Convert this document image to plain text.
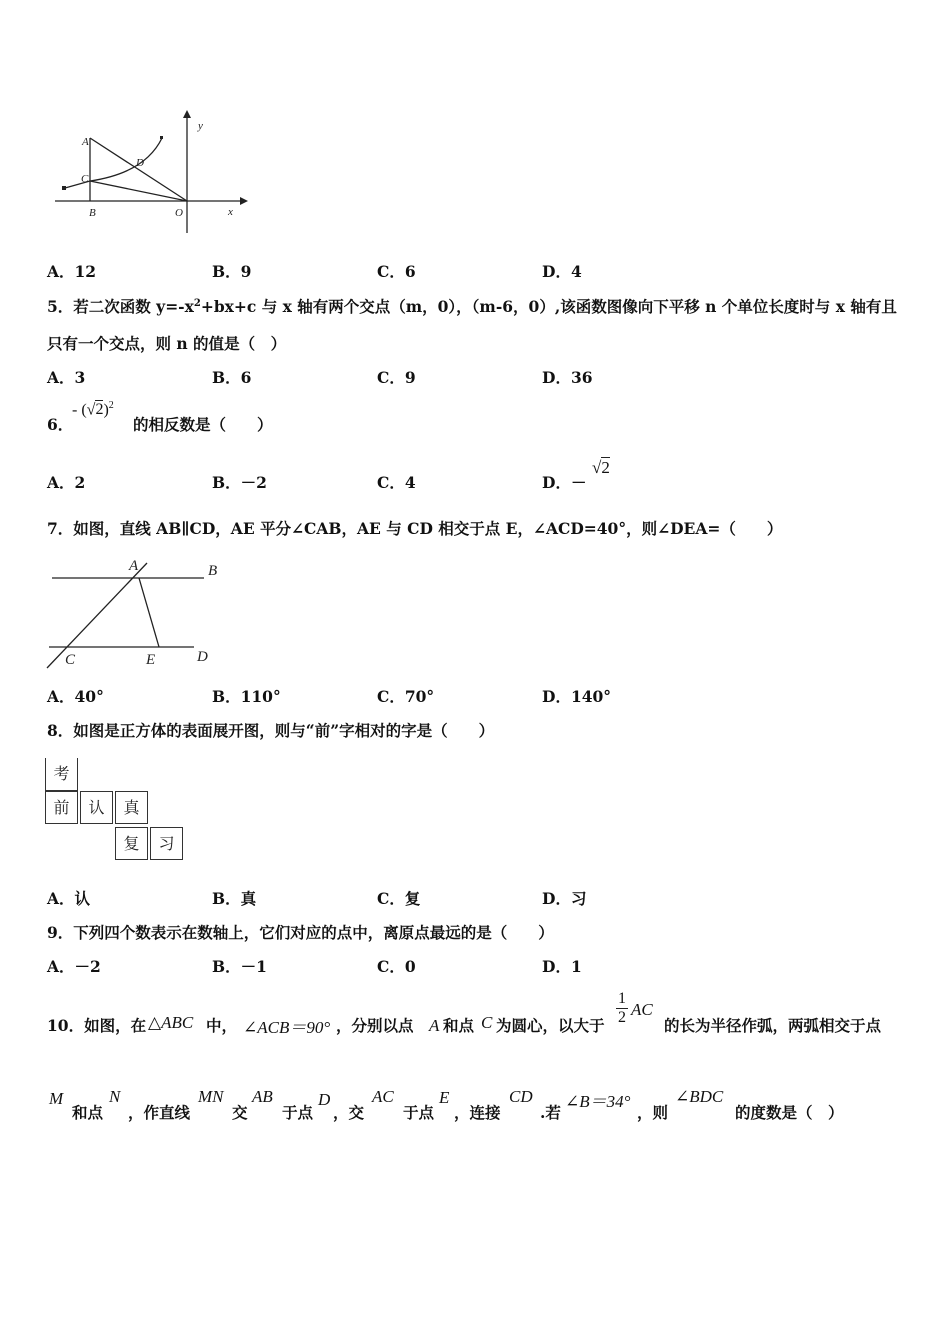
A
D
C
B	O	x
y
A．12	B．9	C．6	D．4
5．若二次函数 $y=-x^2+bx+c$ 与 x 轴有两个交点（m，0），（m-6，0）,该函数图像向下平移 n 个单位长度时与 x 轴有且
只有一个交点，则 n 的值是（　）
A．3	B．6	C．9	D．36
6．
- $(√2)^2$
的相反数是（　　）
A．2	B．－2	C．4	D．－
√2
7．如图，直线 AB∥CD，AE 平分∠CAB，AE 与 CD 相交于点 E，∠ACD=40°，则∠DEA=（　　）
A	B
C	E	D
A．40°	B．110°	C．70°	D．140°
8．如图是正方体的表面展开图，则与“前”字相对的字是（　　）
考
前	认	真
复	习
A．认	B．真	C．复	D．习
9．下列四个数表示在数轴上，它们对应的点中，离原点最远的是（　　）
A．－2	B．－1	C．0	D．1
10．如图，在 △ABC 中， ∠ACB＝90° ，分别以点 A 和点 C 为圆心，以大于
1
2 AC
的长为半径作弧，两弧相交于点
M
和点
N
，作直线
MN
交
AB
于点
D
，交
AC
于点
E
，连接
CD
.若
∠B＝34°
，则
∠BDC
的度数是（　）
